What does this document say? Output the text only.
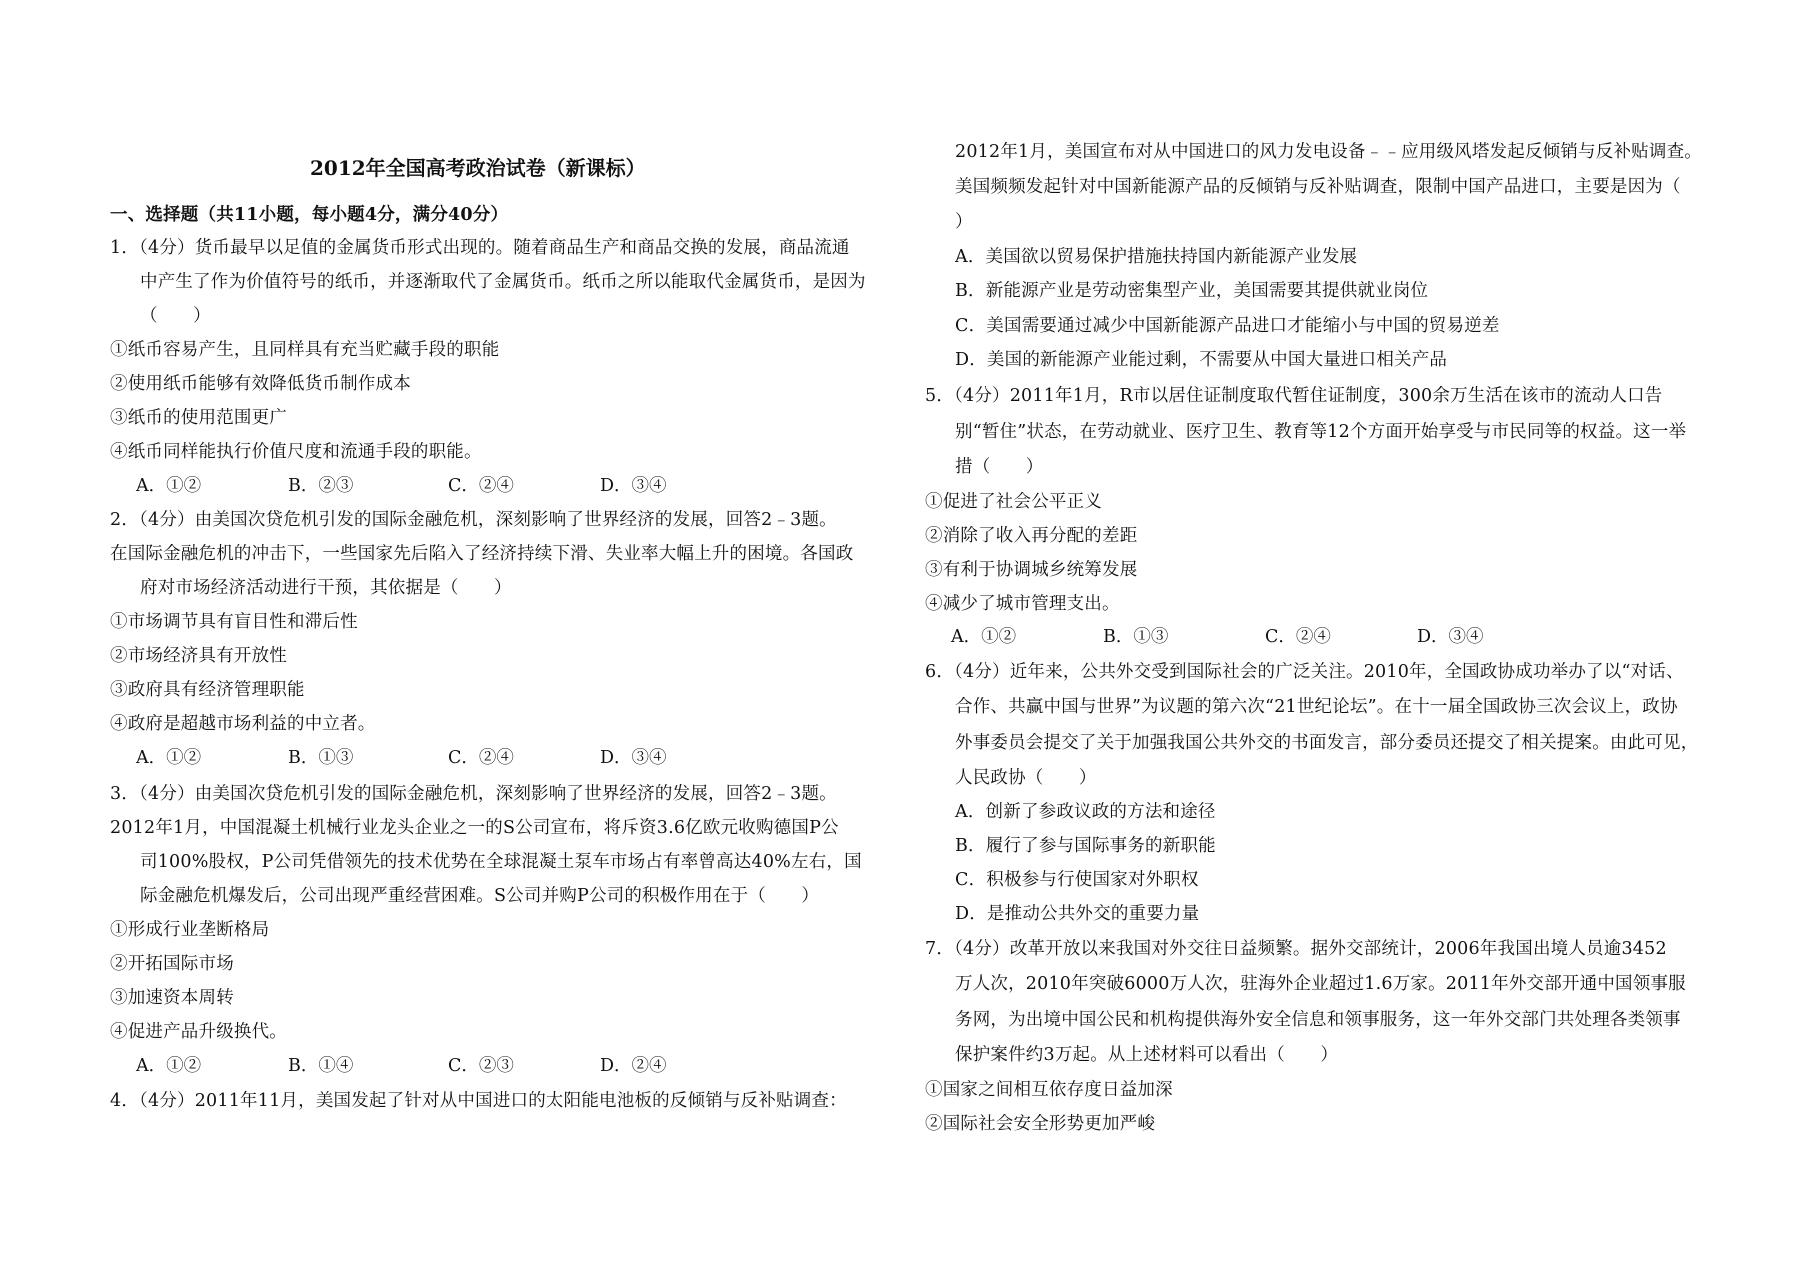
2012年全国高考政治试卷（新课标）
一、选择题（共11小题，每小题4分，满分40分）
1．（4分）货币最早以足值的金属货币形式出现的。随着商品生产和商品交换的发展，商品流通
中产生了作为价值符号的纸币，并逐渐取代了金属货币。纸币之所以能取代金属货币，是因为
（　　）
①纸币容易产生，且同样具有充当贮藏手段的职能
②使用纸币能够有效降低货币制作成本
③纸币的使用范围更广
④纸币同样能执行价值尺度和流通手段的职能。
A．①②	B．②③	C．②④	D．③④
2．（4分）由美国次贷危机引发的国际金融危机，深刻影响了世界经济的发展，回答2﹣3题。
在国际金融危机的冲击下，一些国家先后陷入了经济持续下滑、失业率大幅上升的困境。各国政
府对市场经济活动进行干预，其依据是（　　）
①市场调节具有盲目性和滞后性
②市场经济具有开放性
③政府具有经济管理职能
④政府是超越市场利益的中立者。
A．①②	B．①③	C．②④	D．③④
3．（4分）由美国次贷危机引发的国际金融危机，深刻影响了世界经济的发展，回答2﹣3题。
2012年1月，中国混凝土机械行业龙头企业之一的S公司宣布，将斥资3.6亿欧元收购德国P公
司100%股权，P公司凭借领先的技术优势在全球混凝土泵车市场占有率曾高达40%左右，国
际金融危机爆发后，公司出现严重经营困难。S公司并购P公司的积极作用在于（　　）
①形成行业垄断格局
②开拓国际市场
③加速资本周转
④促进产品升级换代。
A．①②	B．①④	C．②③	D．②④
4．（4分）2011年11月，美国发起了针对从中国进口的太阳能电池板的反倾销与反补贴调查：
2012年1月，美国宣布对从中国进口的风力发电设备﹣﹣应用级风塔发起反倾销与反补贴调查。
美国频频发起针对中国新能源产品的反倾销与反补贴调查，限制中国产品进口，主要是因为（
）
A．美国欲以贸易保护措施扶持国内新能源产业发展
B．新能源产业是劳动密集型产业，美国需要其提供就业岗位
C．美国需要通过减少中国新能源产品进口才能缩小与中国的贸易逆差
D．美国的新能源产业能过剩，不需要从中国大量进口相关产品
5．（4分）2011年1月，R市以居住证制度取代暂住证制度，300余万生活在该市的流动人口告
别“暂住”状态，在劳动就业、医疗卫生、教育等12个方面开始享受与市民同等的权益。这一举
措（　　）
①促进了社会公平正义
②消除了收入再分配的差距
③有利于协调城乡统筹发展
④减少了城市管理支出。
A．①②	B．①③	C．②④	D．③④
6．（4分）近年来，公共外交受到国际社会的广泛关注。2010年，全国政协成功举办了以“对话、
合作、共赢中国与世界”为议题的第六次“21世纪论坛”。在十一届全国政协三次会议上，政协
外事委员会提交了关于加强我国公共外交的书面发言，部分委员还提交了相关提案。由此可见，
人民政协（　　）
A．创新了参政议政的方法和途径
B．履行了参与国际事务的新职能
C．积极参与行使国家对外职权
D．是推动公共外交的重要力量
7．（4分）改革开放以来我国对外交往日益频繁。据外交部统计，2006年我国出境人员逾3452
万人次，2010年突破6000万人次，驻海外企业超过1.6万家。2011年外交部开通中国领事服
务网，为出境中国公民和机构提供海外安全信息和领事服务，这一年外交部门共处理各类领事
保护案件约3万起。从上述材料可以看出（　　）
①国家之间相互依存度日益加深
②国际社会安全形势更加严峻
